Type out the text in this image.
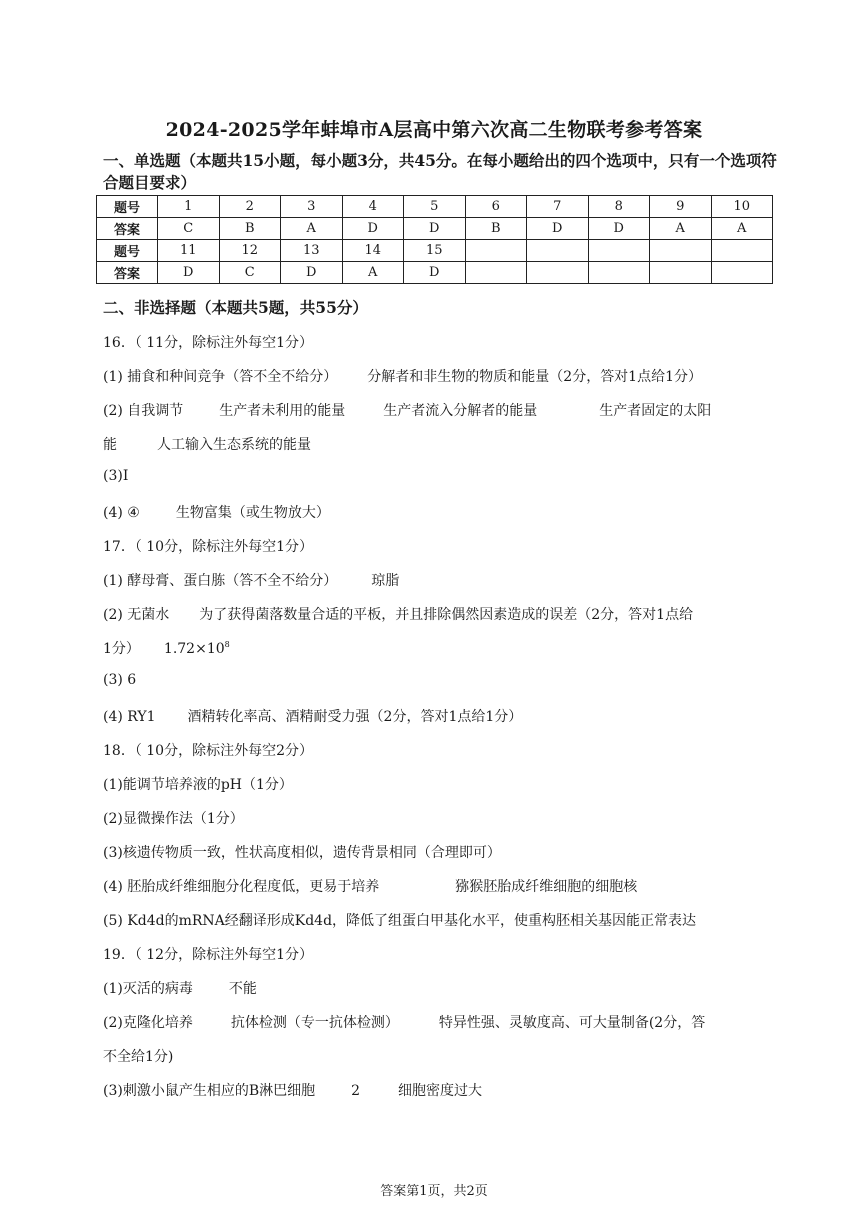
2024-2025学年蚌埠市A层高中第六次高二生物联考参考答案
一、单选题（本题共15小题，每小题3分，共45分。在每小题给出的四个选项中，只有一个选项符合题目要求）
题号	1	2	3	4	5	6	7	8	9	10
答案	C	B	A	D	D	B	D	D	A	A
题号	11	12	13	14	15					
答案	D	C	D	A	D					
二、非选择题（本题共5题，共55分）
16．（ 11分，除标注外每空1分）
(1) 捕食和种间竞争（答不全不给分） 分解者和非生物的物质和能量（2分，答对1点给1分）
(2) 自我调节	生产者未利用的能量	生产者流入分解者的能量	生产者固定的太阳
能	人工输入生态系统的能量
(3)Ⅰ
(4) ④	生物富集（或生物放大）
17．（ 10分，除标注外每空1分）
(1) 酵母膏、蛋白胨（答不全不给分） 琼脂
(2) 无菌水 为了获得菌落数量合适的平板，并且排除偶然因素造成的误差（2分，答对1点给
1分） $1.72\times 10^8$
(3) 6
(4) RY1 酒精转化率高、酒精耐受力强（2分，答对1点给1分）
18．（ 10分，除标注外每空2分）
(1)能调节培养液的pH（1分）
(2)显微操作法（1分）
(3)核遗传物质一致，性状高度相似，遗传背景相同（合理即可）
(4) 胚胎成纤维细胞分化程度低，更易于培养	猕猴胚胎成纤维细胞的细胞核
(5) Kd4d的mRNA经翻译形成Kd4d，降低了组蛋白甲基化水平，使重构胚相关基因能正常表达
19．（ 12分，除标注外每空1分）
(1)灭活的病毒	不能
(2)克隆化培养	抗体检测（专一抗体检测）	特异性强、灵敏度高、可大量制备(2分，答
不全给1分)
(3)刺激小鼠产生相应的B淋巴细胞	2	细胞密度过大
答案第1页，共2页
